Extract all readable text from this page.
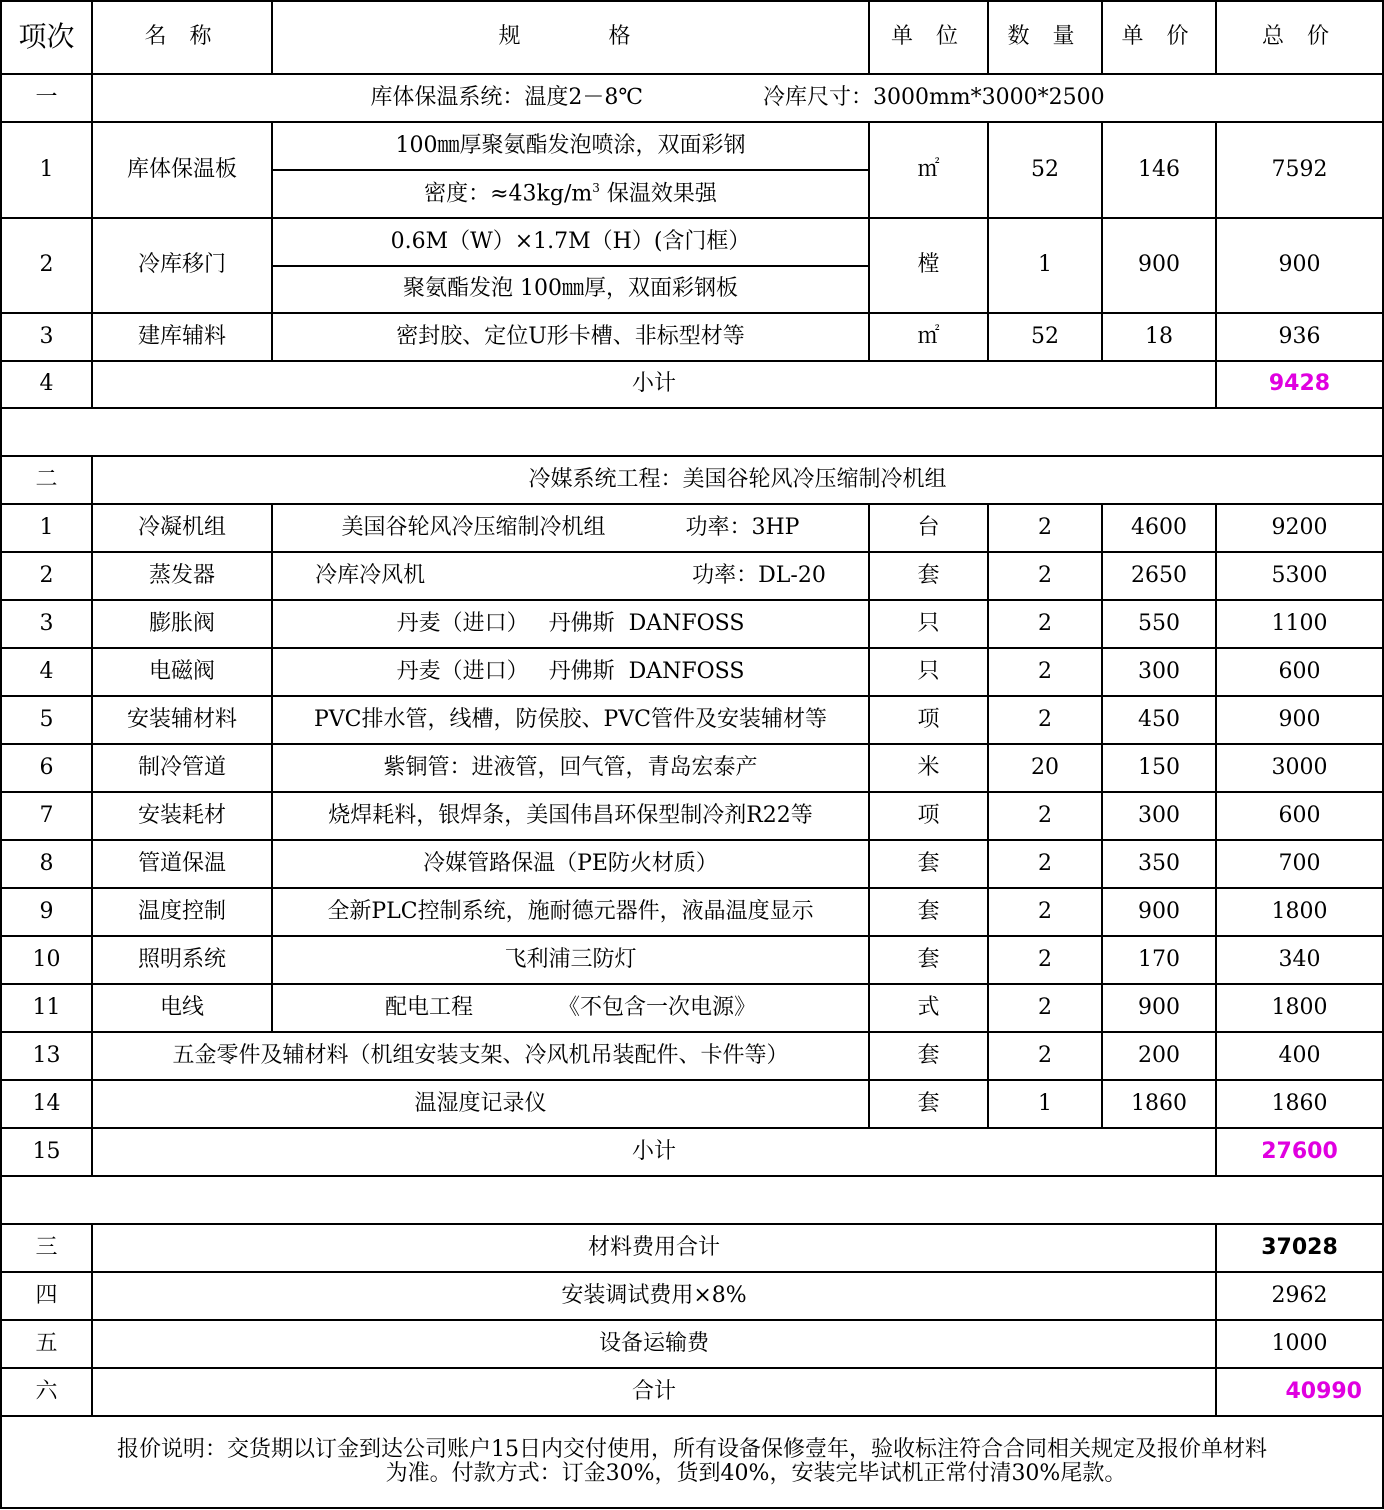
项次	名 称	规    格	单 位	数 量	单 价	总 价
一	库体保温系统：温度2－8℃ 冷库尺寸：3000mm*3000*2500					
1	库体保温板	100㎜厚聚氨酯发泡喷涂，双面彩钢	㎡	52	146	7592
		密度：$\approx 43kg/m^3$ 保温效果强				
2	冷库移门	0.6M（W）×1.7M（H）(含门框）	樘	1	900	900
		聚氨酯发泡 100㎜厚，双面彩钢板				
3	建库辅料	密封胶、定位U形卡槽、非标型材等	㎡	52	18	936
4	小计					9428

二	冷媒系统工程：美国谷轮风冷压缩制冷机组					
1	冷凝机组	美国谷轮风冷压缩制冷机组 功率：3HP	台	2	4600	9200
2	蒸发器	冷库冷风机 功率：DL-20	套	2	2650	5300
3	膨胀阀	丹麦（进口） 丹佛斯  DANFOSS	只	2	550	1100
4	电磁阀	丹麦（进口） 丹佛斯  DANFOSS	只	2	300	600
5	安装辅材料	PVC排水管，线槽，防侯胶、PVC管件及安装辅材等	项	2	450	900
6	制冷管道	紫铜管：进液管，回气管，青岛宏泰产	米	20	150	3000
7	安装耗材	烧焊耗料，银焊条，美国伟昌环保型制冷剂R22等	项	2	300	600
8	管道保温	冷媒管路保温（PE防火材质）	套	2	350	700
9	温度控制	全新PLC控制系统，施耐德元器件，液晶温度显示	套	2	900	1800
10	照明系统	飞利浦三防灯	套	2	170	340
11	电线	配电工程 《不包含一次电源》	式	2	900	1800
13	五金零件及辅材料（机组安装支架、冷风机吊装配件、卡件等）		套	2	200	400
14	温湿度记录仪		套	1	1860	1860
15	小计					27600

三	材料费用合计					37028
四	安装调试费用×8%					2962
五	设备运输费					1000
六	合计					40990

报价说明：交货期以订金到达公司账户15日内交付使用，所有设备保修壹年，验收标注符合合同相关规定及报价单材料
为准。付款方式：订金30%，货到40%，安装完毕试机正常付清30%尾款。						
